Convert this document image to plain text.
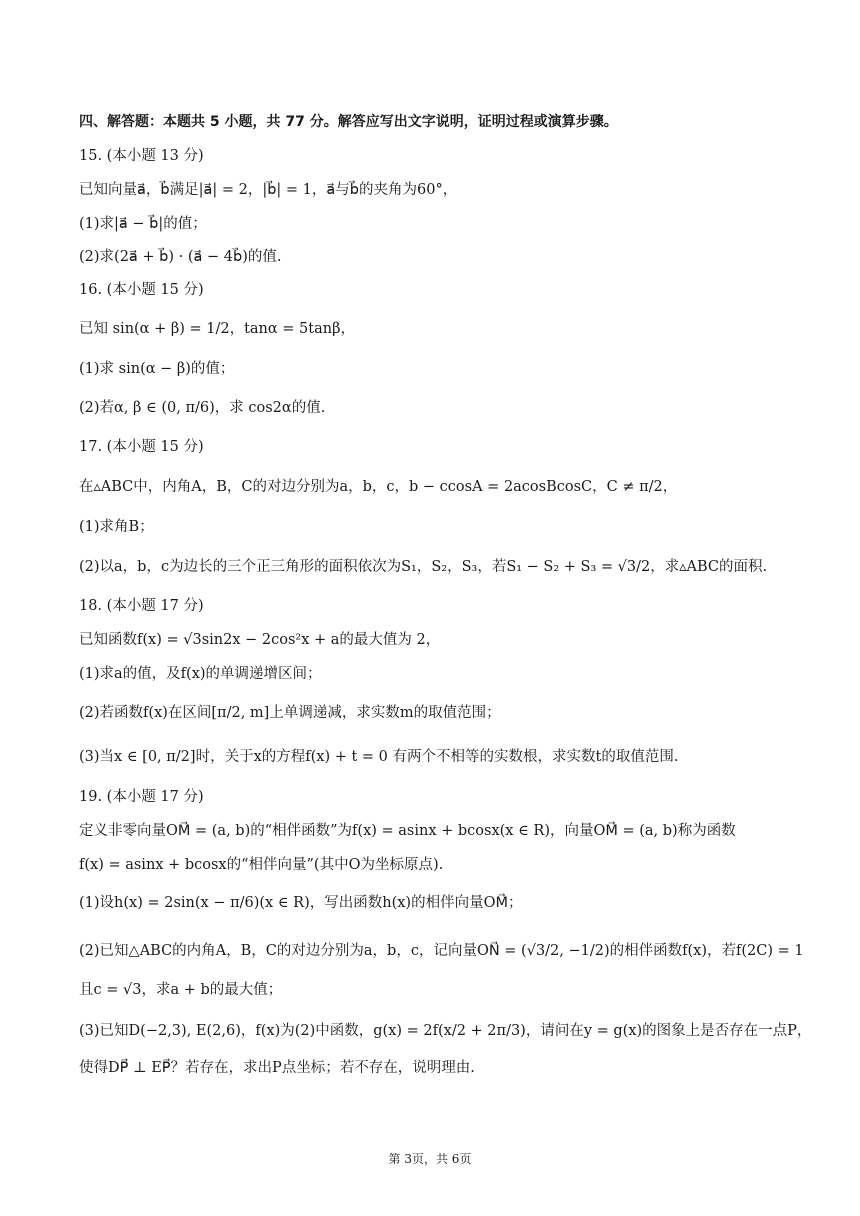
四、解答题：本题共 5 小题，共 77 分。解答应写出文字说明，证明过程或演算步骤。
15. (本小题 13 分)
已知向量a⃗，b⃗满足|a⃗| = 2，|b⃗| = 1，a⃗与b⃗的夹角为60°，
(1)求|a⃗ − b⃗|的值；
(2)求(2a⃗ + b⃗) · (a⃗ − 4b⃗)的值.
16. (本小题 15 分)
已知 sin(α + β) = 1/2，tanα = 5tanβ，
(1)求 sin(α − β)的值；
(2)若α, β ∈ (0, π/6)，求 cos2α的值.
17. (本小题 15 分)
在▵ABC中，内角A，B，C的对边分别为a，b，c，b − ccosA = 2acosBcosC，C ≠ π/2，
(1)求角B；
(2)以a，b，c为边长的三个正三角形的面积依次为S₁，S₂，S₃，若S₁ − S₂ + S₃ = √3/2，求▵ABC的面积.
18. (本小题 17 分)
已知函数f(x) = √3sin2x − 2cos²x + a的最大值为 2，
(1)求a的值，及f(x)的单调递增区间；
(2)若函数f(x)在区间[π/2, m]上单调递减，求实数m的取值范围；
(3)当x ∈ [0, π/2]时，关于x的方程f(x) + t = 0 有两个不相等的实数根，求实数t的取值范围.
19. (本小题 17 分)
定义非零向量OM⃗ = (a, b)的“相伴函数”为f(x) = asinx + bcosx(x ∈ R)，向量OM⃗ = (a, b)称为函数
f(x) = asinx + bcosx的“相伴向量”(其中O为坐标原点).
(1)设h(x) = 2sin(x − π/6)(x ∈ R)，写出函数h(x)的相伴向量OM⃗；
(2)已知△ABC的内角A，B，C的对边分别为a，b，c，记向量ON⃗ = (√3/2, −1/2)的相伴函数f(x)，若f(2C) = 1
且c = √3，求a + b的最大值；
(3)已知D(−2,3), E(2,6)，f(x)为(2)中函数，g(x) = 2f(x/2 + 2π/3)，请问在y = g(x)的图象上是否存在一点P，
使得DP⃗ ⊥ EP⃗？若存在，求出P点坐标；若不存在，说明理由.
第 3页，共 6页
